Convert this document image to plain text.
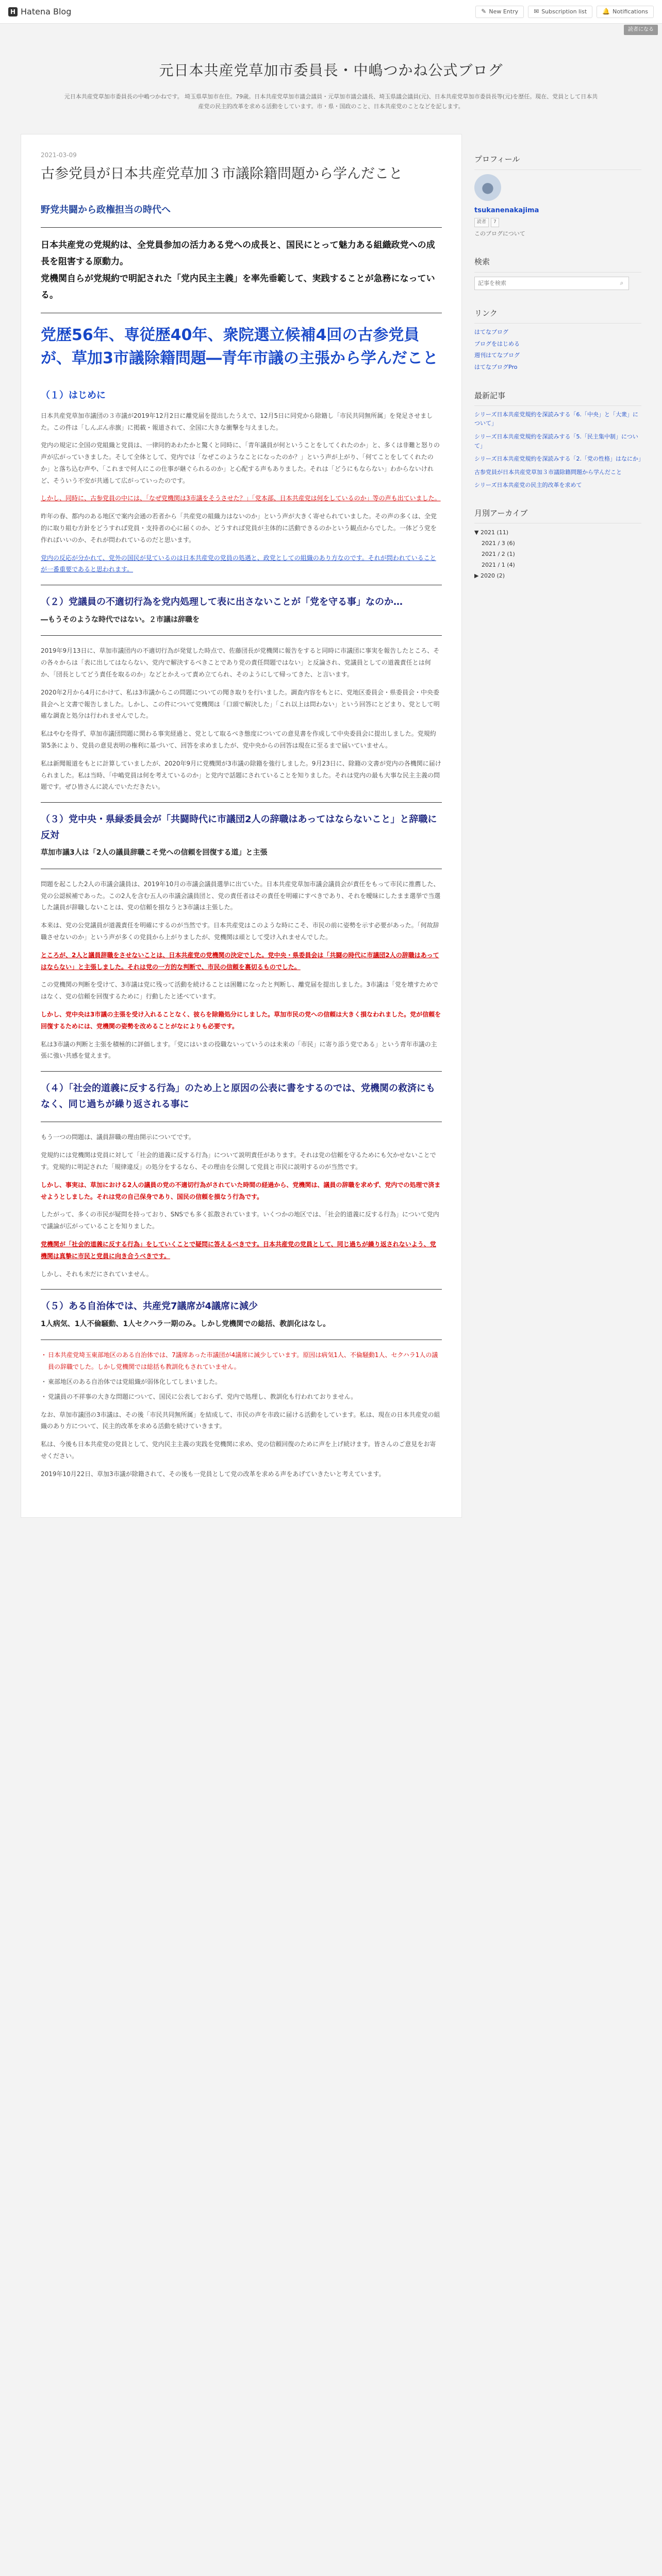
H Hatena Blog	✎ New Entry	✉ Subscription list	🔔 Notifications
読者になる
元日本共産党草加市委員長・中嶋つかね公式ブログ

元日本共産党草加市委員長の中嶋つかねです。 埼玉県草加市在住。79歳。日本共産党草加市議会議員・元草加市議会議長、埼玉県議会議員(元)、日本共産党草加市委員長等(元)を歴任。現在、党員として日本共産党の民主的改革を求める活動をしています。市・県・国政のこと、日本共産党のことなどを記します。

2021-03-09
古参党員が日本共産党草加３市議除籍問題から学んだこと
野党共闘から政権担当の時代へ

日本共産党の党規約は、全党員参加の活力ある党への成長と、国民にとって魅力ある組織政党への成長を阻害する原動力。

党機関自らが党規約で明記された「党内民主主義」を率先垂範して、実践することが急務になっている。

党歴56年、専従歴40年、衆院選立候補4回の古参党員が、草加3市議除籍問題―青年市議の主張から学んだこと
（１）はじめに

日本共産党草加市議団の３市議が2019年12月2日に離党届を提出したうえで、12月5日に同党から除籍し「市民共同無所属」を発足させました。この件は「しんぶん赤旗」に掲載・報道されて、全国に大きな衝撃を与えました。

党内の規定に全国の党組織と党員は、一律同的あわたかと驚くと同時に、「青年議員が何ということをしてくれたのか」と、多くは非難と怒りの声が広がっていきました。そして全体として、党内では「なぜこのようなことになったのか？」という声が上がり、「何てことをしてくれたのか」と落ち込む声や、「これまで何人にこの仕事が継ぐられるのか」と心配する声もありました。それは「どうにもならない」わからないけれど、そういう不安が共通して広がっていったのです。

しかし、同時に、古参党員の中には、「なぜ党機関は3市議をそうさせた？」「党本部、日本共産党は何をしているのか」等の声も出ていました。

昨年の春、都内のある地区で案内会通の若者から「共産党の組織力はないのか」という声が大きく寄せられていました。その声の多くは、全党的に取り組む方針をどうすれば党員・支持者の心に届くのか、どうすれば党員が主体的に活動できるのかという観点からでした。一体どう党を作ればいいのか、それが問われているのだと思います。

党内の反応が分かれて、党外の国民が見ているのは日本共産党の党員の処遇と、政党としての組織のあり方なのです。それが問われていることが一番重要であると思われます。

（２）党議員の不適切行為を党内処理して表に出さないことが「党を守る事」なのか…
―もうそのような時代ではない。２市議は辞職を

2019年9月13日に、草加市議団内の不適切行為が発覚した時点で、佐藤団長が党機関に報告をすると同時に市議団に事実を報告したところ、その各々からは「表に出してはならない、党内で解決するべきことであり党の責任問題ではない」と反論され、党議員としての道義責任とは何か、「団長としてどう責任を取るのか」などとかえって責め立てられ、そのようにして帰ってきた、と言います。

2020年2月から4月にかけて、私は3市議からこの問題についての聞き取りを行いました。調査内容をもとに、党地区委員会・県委員会・中央委員会へと文書で報告しました。しかし、この件について党機関は「口頭で解決した」「これ以上は問わない」という回答にとどまり、党として明確な調査と処分は行われませんでした。

私はやむを得ず、草加市議団問題に関わる事実経過と、党として取るべき態度についての意見書を作成して中央委員会に提出しました。党規約第5条により、党員の意見表明の権利に基づいて、回答を求めましたが、党中央からの回答は現在に至るまで届いていません。

私は新聞報道をもとに計算していましたが、2020年9月に党機関が3市議の除籍を強行しました。9月23日に、除籍の文書が党内の各機関に届けられました。私は当時、「中嶋党員は何を考えているのか」と党内で話題にされていることを知りました。それは党内の最も大事な民主主義の問題です。ぜひ皆さんに読んでいただきたい。

（３）党中央・県緑委員会が「共闘時代に市議団2人の辞職はあってはならないこと」と辞職に反対
草加市議3人は「2人の議員辞職こそ党への信頼を回復する道」と主張

問題を起こした2人の市議会議員は、2019年10月の市議会議員選挙に出ていた。日本共産党草加市議会議員会が責任をもって市民に推薦した、党の公認候補であった。この2人を含む五人の市議会議員団と、党の責任者はその責任を明確にすべきであり、それを曖昧にしたまま選挙で当選した議員が辞職しないことは、党の信頼を損なうと3市議は主張した。

本来は、党の公党議員が道義責任を明確にするのが当然です。日本共産党はこのような時にこそ、市民の前に姿勢を示す必要があった。「何故辞職させないのか」という声が多くの党員から上がりましたが、党機関は頑として受け入れませんでした。

ところが、2人と議員辞職をさせないことは、日本共産党の党機関の決定でした。党中央・県委員会は「共闘の時代に市議団2人の辞職はあってはならない」と主張しました。それは党の一方的な判断で、市民の信頼を裏切るものでした。

この党機関の判断を受けて、3市議は党に残って活動を続けることは困難になったと判断し、離党届を提出しました。3市議は「党を壊すためではなく、党の信頼を回復するために」行動したと述べています。

しかし、党中央は3市議の主張を受け入れることなく、彼らを除籍処分にしました。草加市民の党への信頼は大きく損なわれました。党が信頼を回復するためには、党機関の姿勢を改めることがなによりも必要です。

私は3市議の判断と主張を積極的に評価します。「党にはいまの役職ないっていうのは未来の「市民」に寄り添う党である」という青年市議の主張に強い共感を覚えます。

（４）「社会的道義に反する行為」のため上と原因の公表に書をするのでは、党機関の救済にもなく、同じ過ちが繰り返される事に

もう一つの問題は、議員辞職の理由開示についてです。

党規約には党機関は党員に対して「社会的道義に反する行為」について説明責任があります。それは党の信頼を守るためにも欠かせないことです。党規約に明記された「規律違反」の処分をするなら、その理由を公開して党員と市民に説明するのが当然です。

しかし、事実は、草加における2人の議員の党の不適切行為がされていた時間の経過から、党機関は、議員の辞職を求めず、党内での処理で済ませようとしました。それは党の自己保身であり、国民の信頼を損なう行為です。

したがって、多くの市民が疑問を持っており、SNSでも多く拡散されています。いくつかの地区では、「社会的道義に反する行為」について党内で議論が広がっていることを知りました。

党機関が「社会的道義に反する行為」をしていくことで疑問に答えるべきです。日本共産党の党員として、同じ過ちが繰り返されないよう、党機関は真摯に市民と党員に向き合うべきです。

しかし、それも未だにされていません。

（５）ある自治体では、共産党7議席が4議席に減少
1人病気、1人不倫騒動、1人セクハラ一期のみ。しかし党機関での総括、教訓化はなし。
・ 日本共産党埼玉東部地区のある自治体では、7議席あった市議団が4議席に減少しています。原因は病気1人、不倫騒動1人、セクハラ1人の議員の辞職でした。しかし党機関では総括も教訓化もされていません。
・ 東部地区のある自治体では党組織が弱体化してしまいました。
・ 党議員の不祥事の大きな問題について、国民に公表しておらず、党内で処理し、教訓化も行われておりません。

なお、草加市議団の3市議は、その後「市民共同無所属」を結成して、市民の声を市政に届ける活動をしています。私は、現在の日本共産党の組織のあり方について、民主的改革を求める活動を続けていきます。

私は、今後も日本共産党の党員として、党内民主主義の実践を党機関に求め、党の信頼回復のために声を上げ続けます。皆さんのご意見をお寄せください。

2019年10月22日、草加3市議が除籍されて、その後も一党員として党の改革を求める声をあげていきたいと考えています。

プロフィール
●
tsukanenakajima
読者	7
このブログについて
検索
記事を検索
⌕
リンク
はてなブログ
ブログをはじめる
週刊はてなブログ
はてなブログPro
最新記事
シリーズ日本共産党規約を深読みする「6.「中央」と「大衆」について」
シリーズ日本共産党規約を深読みする「5.「民主集中制」について」
シリーズ日本共産党規約を深読みする「2.「党の性格」はなにか」
古参党員が日本共産党草加３市議除籍問題から学んだこと
シリーズ日本共産党の民主的改革を求めて
月別アーカイブ
▼ 2021 (11)
2021 / 3 (6)
2021 / 2 (1)
2021 / 1 (4)
▶ 2020 (2)
